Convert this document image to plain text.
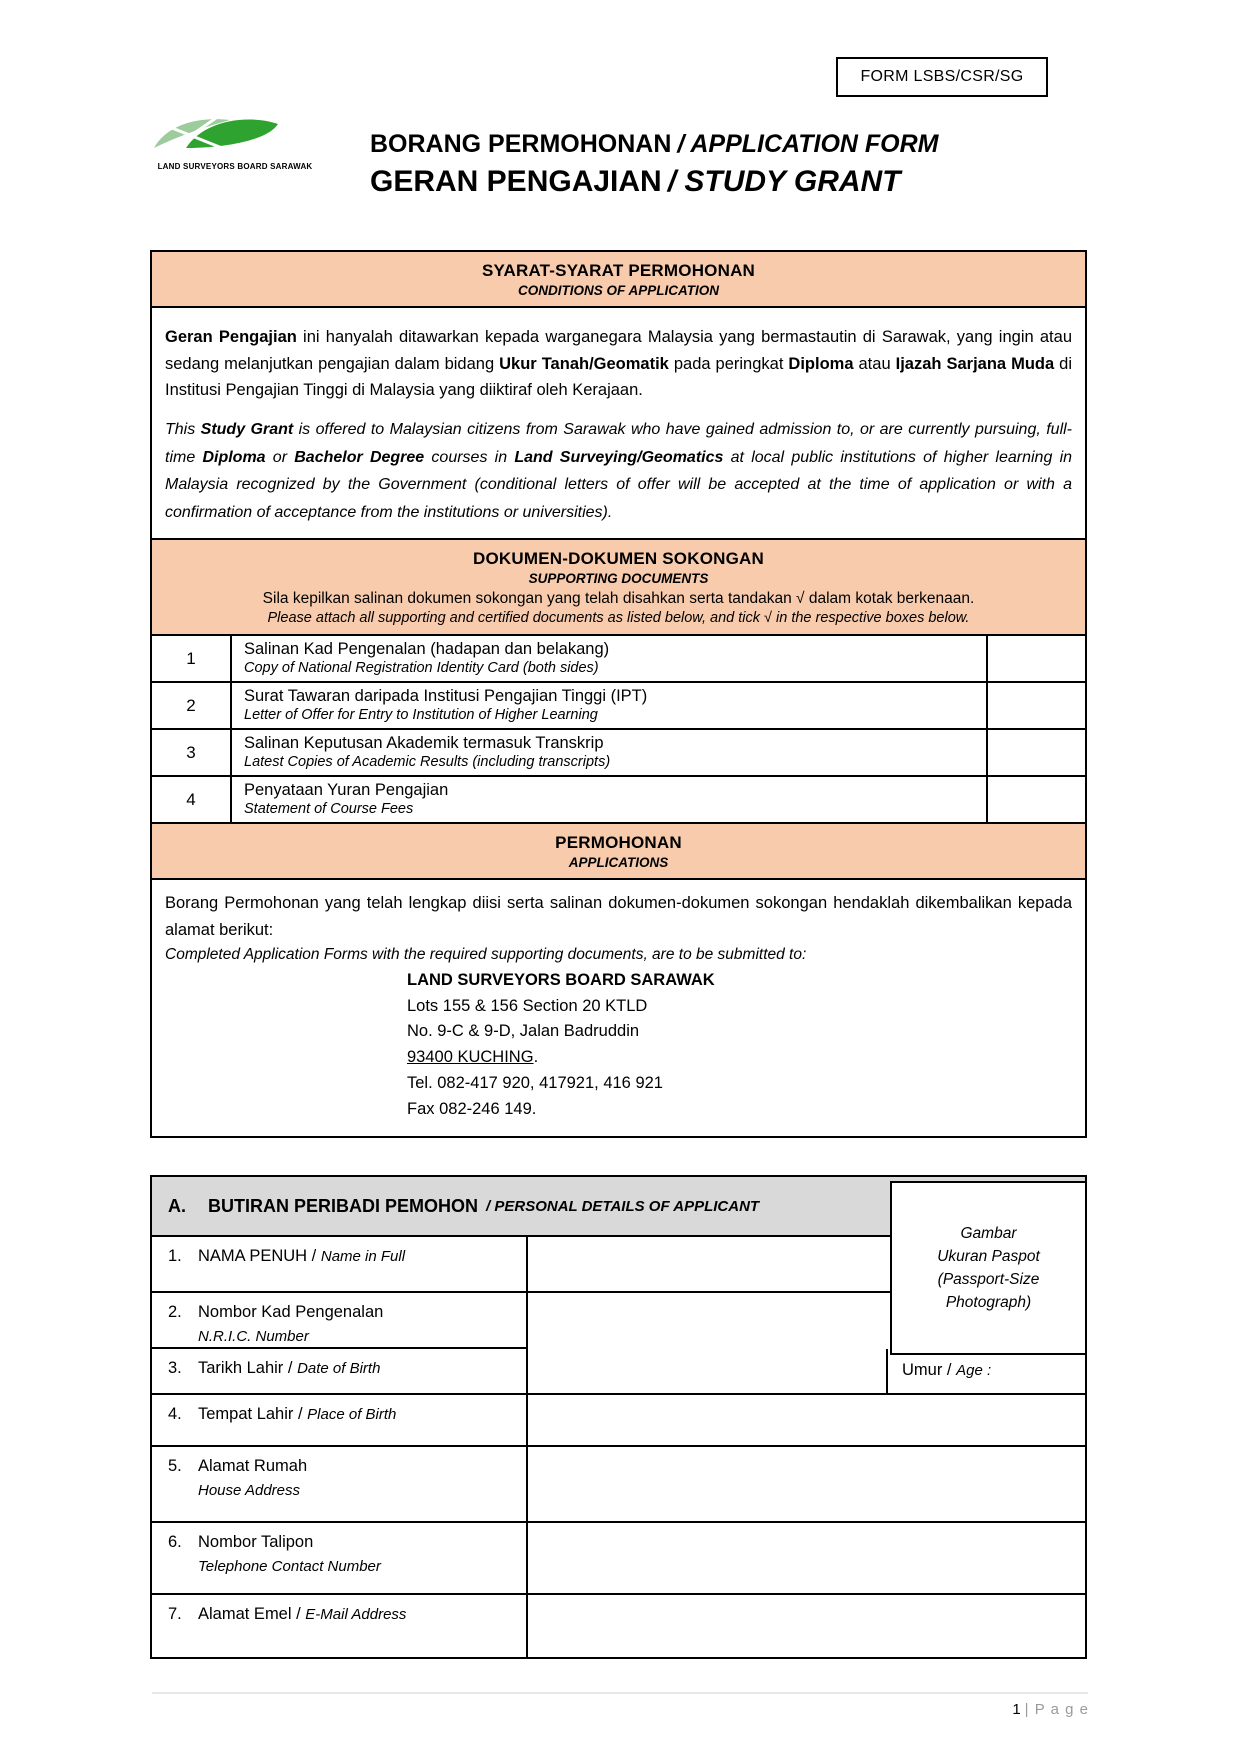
FORM LSBS/CSR/SG
LAND SURVEYORS BOARD SARAWAK
BORANG PERMOHONAN / APPLICATION FORM
GERAN PENGAJIAN / STUDY GRANT
SYARAT-SYARAT PERMOHONAN
CONDITIONS OF APPLICATION

Geran Pengajian ini hanyalah ditawarkan kepada warganegara Malaysia yang bermastautin di Sarawak, yang ingin atau sedang melanjutkan pengajian dalam bidang Ukur Tanah/Geomatik pada peringkat Diploma atau Ijazah Sarjana Muda di Institusi Pengajian Tinggi di Malaysia yang diiktiraf oleh Kerajaan.

This Study Grant is offered to Malaysian citizens from Sarawak who have gained admission to, or are currently pursuing, full-time Diploma or Bachelor Degree courses in Land Surveying/Geomatics at local public institutions of higher learning in Malaysia recognized by the Government (conditional letters of offer will be accepted at the time of application or with a confirmation of acceptance from the institutions or universities).

DOKUMEN-DOKUMEN SOKONGAN
SUPPORTING DOCUMENTS
Sila kepilkan salinan dokumen sokongan yang telah disahkan serta tandakan √ dalam kotak berkenaan.
Please attach all supporting and certified documents as listed below, and tick √ in the respective boxes below.
1	Salinan Kad Pengenalan (hadapan dan belakang)
Copy of National Registration Identity Card (both sides)
2	Surat Tawaran daripada Institusi Pengajian Tinggi (IPT)
Letter of Offer for Entry to Institution of Higher Learning
3	Salinan Keputusan Akademik termasuk Transkrip
Latest Copies of Academic Results (including transcripts)
4	Penyataan Yuran Pengajian
Statement of Course Fees
PERMOHONAN
APPLICATIONS

Borang Permohonan yang telah lengkap diisi serta salinan dokumen-dokumen sokongan hendaklah dikembalikan kepada alamat berikut:

Completed Application Forms with the required supporting documents, are to be submitted to:

LAND SURVEYORS BOARD SARAWAK
Lots 155 & 156 Section 20 KTLD
No. 9-C & 9-D, Jalan Badruddin
93400 KUCHING.
Tel. 082-417 920, 417921, 416 921
Fax 082-246 149.
A. BUTIRAN PERIBADI PEMOHON / PERSONAL DETAILS OF APPLICANT
Gambar
Ukuran Paspot
(Passport-Size
Photograph)
1. NAMA PENUH / Name in Full
2. Nombor Kad Pengenalan
N.R.I.C. Number
3. Tarikh Lahir / Date of Birth	Umur / Age :
4. Tempat Lahir / Place of Birth
5. Alamat Rumah
House Address
6. Nombor Talipon
Telephone Contact Number
7. Alamat Emel / E-Mail Address
1 | P a g e
